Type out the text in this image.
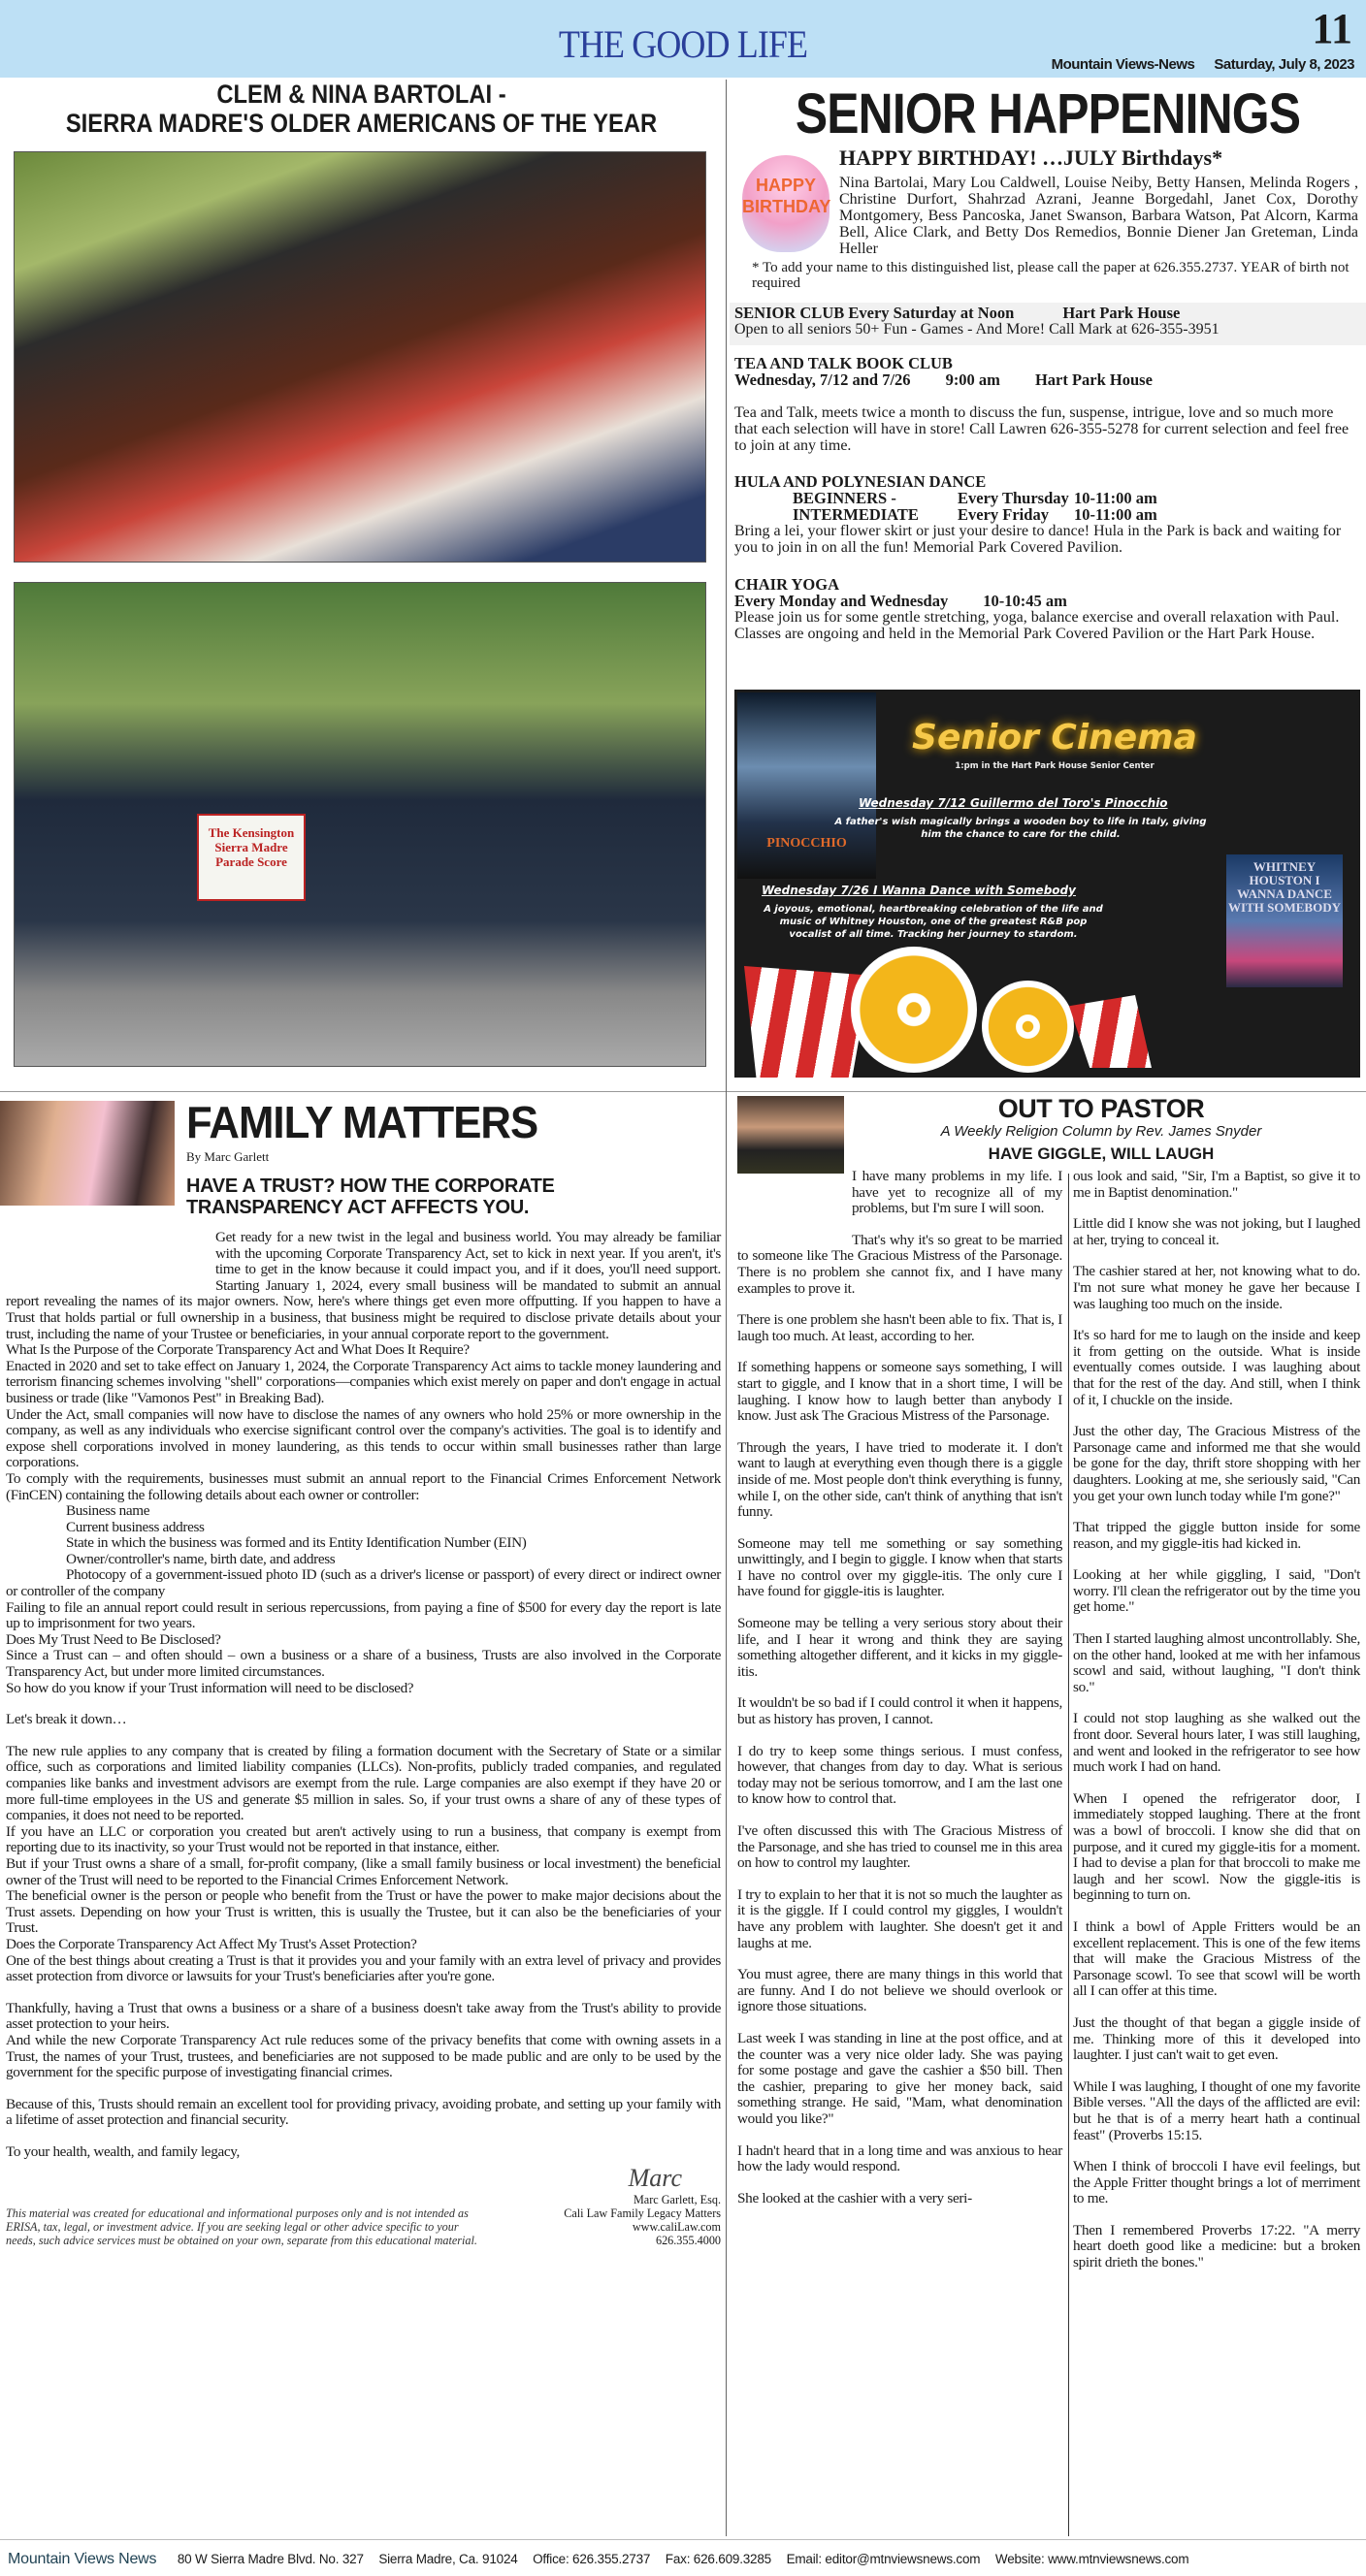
THE GOOD LIFE	11
Mountain Views-News Saturday, July 8, 2023
CLEM & NINA BARTOLAI -
SIERRA MADRE'S OLDER AMERICANS OF THE YEAR
The Kensington Sierra Madre Parade Score
SENIOR HAPPENINGS
HAPPY BIRTHDAY
HAPPY BIRTHDAY! …JULY Birthdays*
Nina Bartolai, Mary Lou Caldwell, Louise Neiby, Betty Hansen, Melinda Rogers , Christine Durfort, Shahrzad Azrani, Jeanne Borgedahl, Janet Cox, Dorothy Montgomery, Bess Pancoska, Janet Swanson, Barbara Watson, Pat Alcorn, Karma Bell, Alice Clark, and Betty Dos Remedios, Bonnie Diener Jan Greteman, Linda Heller
* To add your name to this distinguished list, please call the paper at 626.355.2737. YEAR of birth not required
SENIOR CLUB Every Saturday at Noon	Hart Park House
Open to all seniors 50+ Fun - Games - And More! Call Mark at 626-355-3951
TEA AND TALK BOOK CLUB
Wednesday, 7/12 and 7/26 9:00 am Hart Park House
Tea and Talk, meets twice a month to discuss the fun, suspense, intrigue, love and so much more that each selection will have in store! Call Lawren 626-355-5278 for current selection and feel free to join at any time.
HULA AND POLYNESIAN DANCE
BEGINNERS -	Every Thursday 10-11:00 am
INTERMEDIATE Every Friday 10-11:00 am
Bring a lei, your flower skirt or just your desire to dance! Hula in the Park is back and waiting for you to join in on all the fun! Memorial Park Covered Pavilion.
CHAIR YOGA
Every Monday and Wednesday 10-10:45 am
Please join us for some gentle stretching, yoga, balance exercise and overall relaxation with Paul. Classes are ongoing and held in the Memorial Park Covered Pavilion or the Hart Park House.
PINOCCHIO
WHITNEY HOUSTON I WANNA DANCE WITH SOMEBODY
Senior Cinema
1:pm in the Hart Park House Senior Center
Wednesday 7/12 Guillermo del Toro's Pinocchio
A father's wish magically brings a wooden boy to life in Italy, giving him the chance to care for the child.
Wednesday 7/26 I Wanna Dance with Somebody
A joyous, emotional, heartbreaking celebration of the life and music of Whitney Houston, one of the greatest R&B pop vocalist of all time. Tracking her journey to stardom.
FAMILY MATTERS
By Marc Garlett
HAVE A TRUST? HOW THE CORPORATE TRANSPARENCY ACT AFFECTS YOU.

Get ready for a new twist in the legal and business world. You may already be familiar with the upcoming Corporate Transparency Act, set to kick in next year. If you aren't, it's time to get in the know because it could impact you, and if it does, you'll need support. Starting January 1, 2024, every small business will be mandated to submit an annual report revealing the names of its major owners. Now, here's where things get even more offputting. If you happen to have a Trust that holds partial or full ownership in a business, that business might be required to disclose private details about your trust, including the name of your Trustee or beneficiaries, in your annual corporate report to the government.

What Is the Purpose of the Corporate Transparency Act and What Does It Require?

Enacted in 2020 and set to take effect on January 1, 2024, the Corporate Transparency Act aims to tackle money laundering and terrorism financing schemes involving "shell" corporations—companies which exist merely on paper and don't engage in actual business or trade (like "Vamonos Pest" in Breaking Bad).

Under the Act, small companies will now have to disclose the names of any owners who hold 25% or more ownership in the company, as well as any individuals who exercise significant control over the company's activities. The goal is to identify and expose shell corporations involved in money laundering, as this tends to occur within small businesses rather than large corporations.

To comply with the requirements, businesses must submit an annual report to the Financial Crimes Enforcement Network (FinCEN) containing the following details about each owner or controller:

Business name

Current business address

State in which the business was formed and its Entity Identification Number (EIN)

Owner/controller's name, birth date, and address

Photocopy of a government-issued photo ID (such as a driver's license or passport) of every direct or indirect owner or controller of the company

Failing to file an annual report could result in serious repercussions, from paying a fine of $500 for every day the report is late up to imprisonment for two years.

Does My Trust Need to Be Disclosed?

Since a Trust can – and often should – own a business or a share of a business, Trusts are also involved in the Corporate Transparency Act, but under more limited circumstances.

So how do you know if your Trust information will need to be disclosed?

Let's break it down…

The new rule applies to any company that is created by filing a formation document with the Secretary of State or a similar office, such as corporations and limited liability companies (LLCs). Non-profits, publicly traded companies, and regulated companies like banks and investment advisors are exempt from the rule. Large companies are also exempt if they have 20 or more full-time employees in the US and generate $5 million in sales. So, if your trust owns a share of any of these types of companies, it does not need to be reported.

If you have an LLC or corporation you created but aren't actively using to run a business, that company is exempt from reporting due to its inactivity, so your Trust would not be reported in that instance, either.

But if your Trust owns a share of a small, for-profit company, (like a small family business or local investment) the beneficial owner of the Trust will need to be reported to the Financial Crimes Enforcement Network.

The beneficial owner is the person or people who benefit from the Trust or have the power to make major decisions about the Trust assets. Depending on how your Trust is written, this is usually the Trustee, but it can also be the beneficiaries of your Trust.

Does the Corporate Transparency Act Affect My Trust's Asset Protection?

One of the best things about creating a Trust is that it provides you and your family with an extra level of privacy and provides asset protection from divorce or lawsuits for your Trust's beneficiaries after you're gone.

Thankfully, having a Trust that owns a business or a share of a business doesn't take away from the Trust's ability to provide asset protection to your heirs.

And while the new Corporate Transparency Act rule reduces some of the privacy benefits that come with owning assets in a Trust, the names of your Trust, trustees, and beneficiaries are not supposed to be made public and are only to be used by the government for the specific purpose of investigating financial crimes.

Because of this, Trusts should remain an excellent tool for providing privacy, avoiding probate, and setting up your family with a lifetime of asset protection and financial security.

To your health, wealth, and family legacy,

This material was created for educational and informational purposes only and is not intended as ERISA, tax, legal, or investment advice. If you are seeking legal or other advice specific to your needs, such advice services must be obtained on your own, separate from this educational material.
Marc
Marc Garlett, Esq.
Cali Law Family Legacy Matters
www.caliLaw.com
626.355.4000
OUT TO PASTOR
A Weekly Religion Column by Rev. James Snyder
HAVE GIGGLE, WILL LAUGH

I have many problems in my life. I have yet to recognize all of my problems, but I'm sure I will soon.

That's why it's so great to be married to someone like The Gracious Mistress of the Parsonage. There is no problem she cannot fix, and I have many examples to prove it.

There is one problem she hasn't been able to fix. That is, I laugh too much. At least, according to her.

If something happens or someone says something, I will start to giggle, and I know that in a short time, I will be laughing. I know how to laugh better than anybody I know. Just ask The Gracious Mistress of the Parsonage.

Through the years, I have tried to moderate it. I don't want to laugh at everything even though there is a giggle inside of me. Most people don't think everything is funny, while I, on the other side, can't think of anything that isn't funny.

Someone may tell me something or say something unwittingly, and I begin to giggle. I know when that starts I have no control over my giggle-itis. The only cure I have found for giggle-itis is laughter.

Someone may be telling a very serious story about their life, and I hear it wrong and think they are saying something altogether different, and it kicks in my giggle-itis.

It wouldn't be so bad if I could control it when it happens, but as history has proven, I cannot.

I do try to keep some things serious. I must confess, however, that changes from day to day. What is serious today may not be serious tomorrow, and I am the last one to know how to control that.

I've often discussed this with The Gracious Mistress of the Parsonage, and she has tried to counsel me in this area on how to control my laughter.

I try to explain to her that it is not so much the laughter as it is the giggle. If I could control my giggles, I wouldn't have any problem with laughter. She doesn't get it and laughs at me.

You must agree, there are many things in this world that are funny. And I do not believe we should overlook or ignore those situations.

Last week I was standing in line at the post office, and at the counter was a very nice older lady. She was paying for some postage and gave the cashier a $50 bill. Then the cashier, preparing to give her money back, said something strange. He said, "Mam, what denomination would you like?"

I hadn't heard that in a long time and was anxious to hear how the lady would respond.

She looked at the cashier with a very seri-

ous look and said, "Sir, I'm a Baptist, so give it to me in Baptist denomination."

Little did I know she was not joking, but I laughed at her, trying to conceal it.

The cashier stared at her, not knowing what to do. I'm not sure what money he gave her because I was laughing too much on the inside.

It's so hard for me to laugh on the inside and keep it from getting on the outside. What is inside eventually comes outside. I was laughing about that for the rest of the day. And still, when I think of it, I chuckle on the inside.

Just the other day, The Gracious Mistress of the Parsonage came and informed me that she would be gone for the day, thrift store shopping with her daughters. Looking at me, she seriously said, "Can you get your own lunch today while I'm gone?"

That tripped the giggle button inside for some reason, and my giggle-itis had kicked in.

Looking at her while giggling, I said, "Don't worry. I'll clean the refrigerator out by the time you get home."

Then I started laughing almost uncontrollably. She, on the other hand, looked at me with her infamous scowl and said, without laughing, "I don't think so."

I could not stop laughing as she walked out the front door. Several hours later, I was still laughing, and went and looked in the refrigerator to see how much work I had on hand.

When I opened the refrigerator door, I immediately stopped laughing. There at the front was a bowl of broccoli. I know she did that on purpose, and it cured my giggle-itis for a moment. I had to devise a plan for that broccoli to make me laugh and her scowl. Now the giggle-itis is beginning to turn on.

I think a bowl of Apple Fritters would be an excellent replacement. This is one of the few items that will make the Gracious Mistress of the Parsonage scowl. To see that scowl will be worth all I can offer at this time.

Just the thought of that began a giggle inside of me. Thinking more of this it developed into laughter. I just can't wait to get even.

While I was laughing, I thought of one my favorite Bible verses. "All the days of the afflicted are evil: but he that is of a merry heart hath a continual feast" (Proverbs 15:15.

When I think of broccoli I have evil feelings, but the Apple Fritter thought brings a lot of merriment to me.

Then I remembered Proverbs 17:22. "A merry heart doeth good like a medicine: but a broken spirit drieth the bones."

Mountain Views News 80 W Sierra Madre Blvd. No. 327 Sierra Madre, Ca. 91024 Office: 626.355.2737 Fax: 626.609.3285 Email: editor@mtnviewsnews.com Website: www.mtnviewsnews.com
